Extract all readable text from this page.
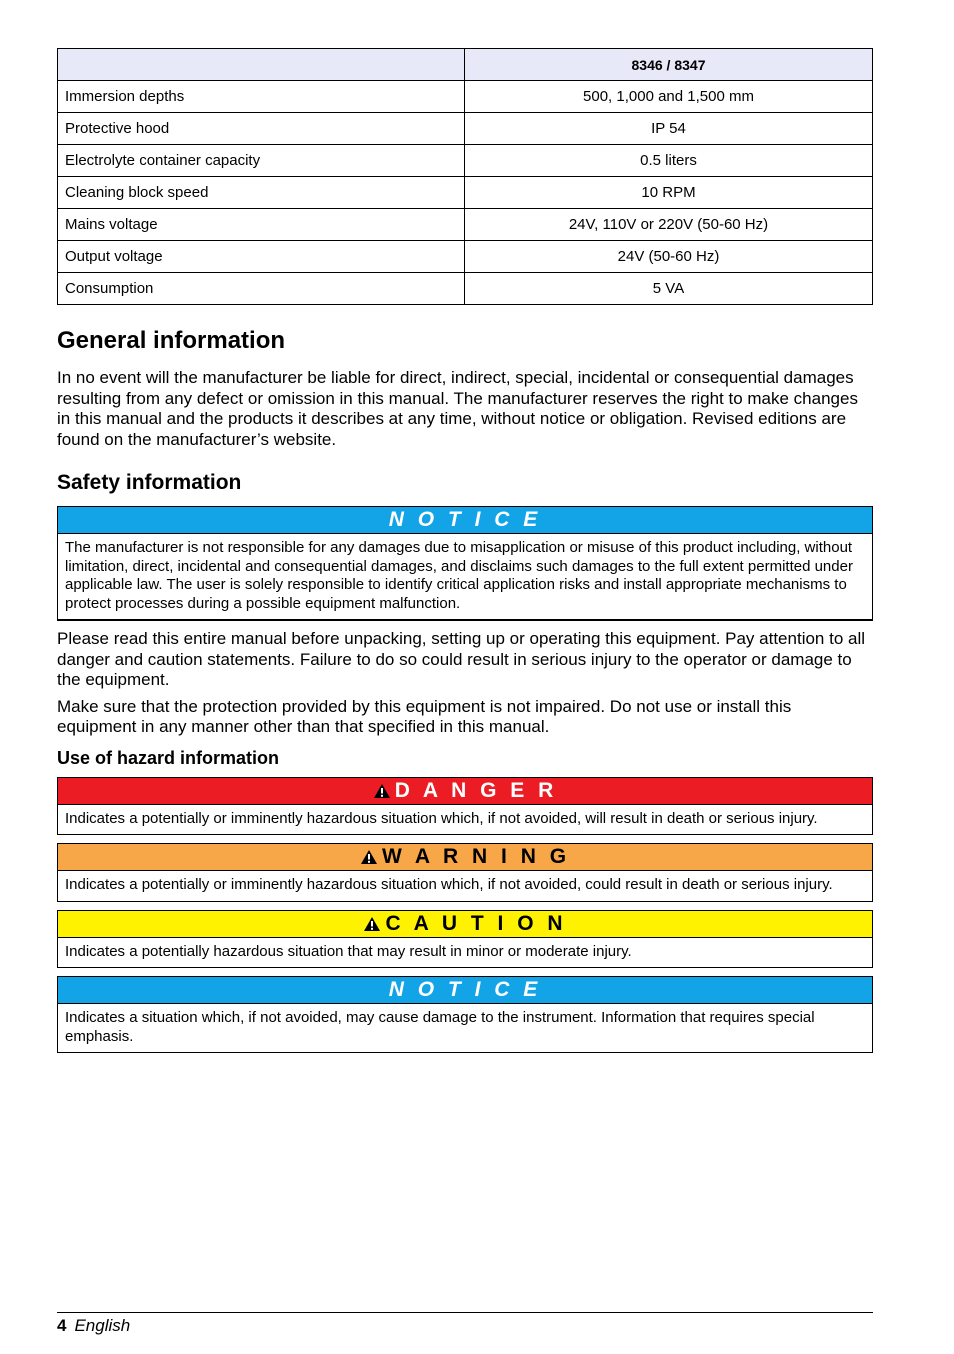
	8346 / 8347
Immersion depths	500, 1,000 and 1,500 mm
Protective hood	IP 54
Electrolyte container capacity	0.5 liters
Cleaning block speed	10 RPM
Mains voltage	24V, 110V or 220V (50-60 Hz)
Output voltage	24V (50-60 Hz)
Consumption	5 VA
General information

In no event will the manufacturer be liable for direct, indirect, special, incidental or consequential damages resulting from any defect or omission in this manual. The manufacturer reserves the right to make changes in this manual and the products it describes at any time, without notice or obligation. Revised editions are found on the manufacturer’s website.

Safety information
N O T I C E
The manufacturer is not responsible for any damages due to misapplication or misuse of this product including, without limitation, direct, incidental and consequential damages, and disclaims such damages to the full extent permitted under applicable law. The user is solely responsible to identify critical application risks and install appropriate mechanisms to protect processes during a possible equipment malfunction.

Please read this entire manual before unpacking, setting up or operating this equipment. Pay attention to all danger and caution statements. Failure to do so could result in serious injury to the operator or damage to the equipment.

Make sure that the protection provided by this equipment is not impaired. Do not use or install this equipment in any manner other than that specified in this manual.

Use of hazard information
D A N G E R
Indicates a potentially or imminently hazardous situation which, if not avoided, will result in death or serious injury.
W A R N I N G
Indicates a potentially or imminently hazardous situation which, if not avoided, could result in death or serious injury.
C A U T I O N
Indicates a potentially hazardous situation that may result in minor or moderate injury.
N O T I C E
Indicates a situation which, if not avoided, may cause damage to the instrument. Information that requires special emphasis.
4 English
